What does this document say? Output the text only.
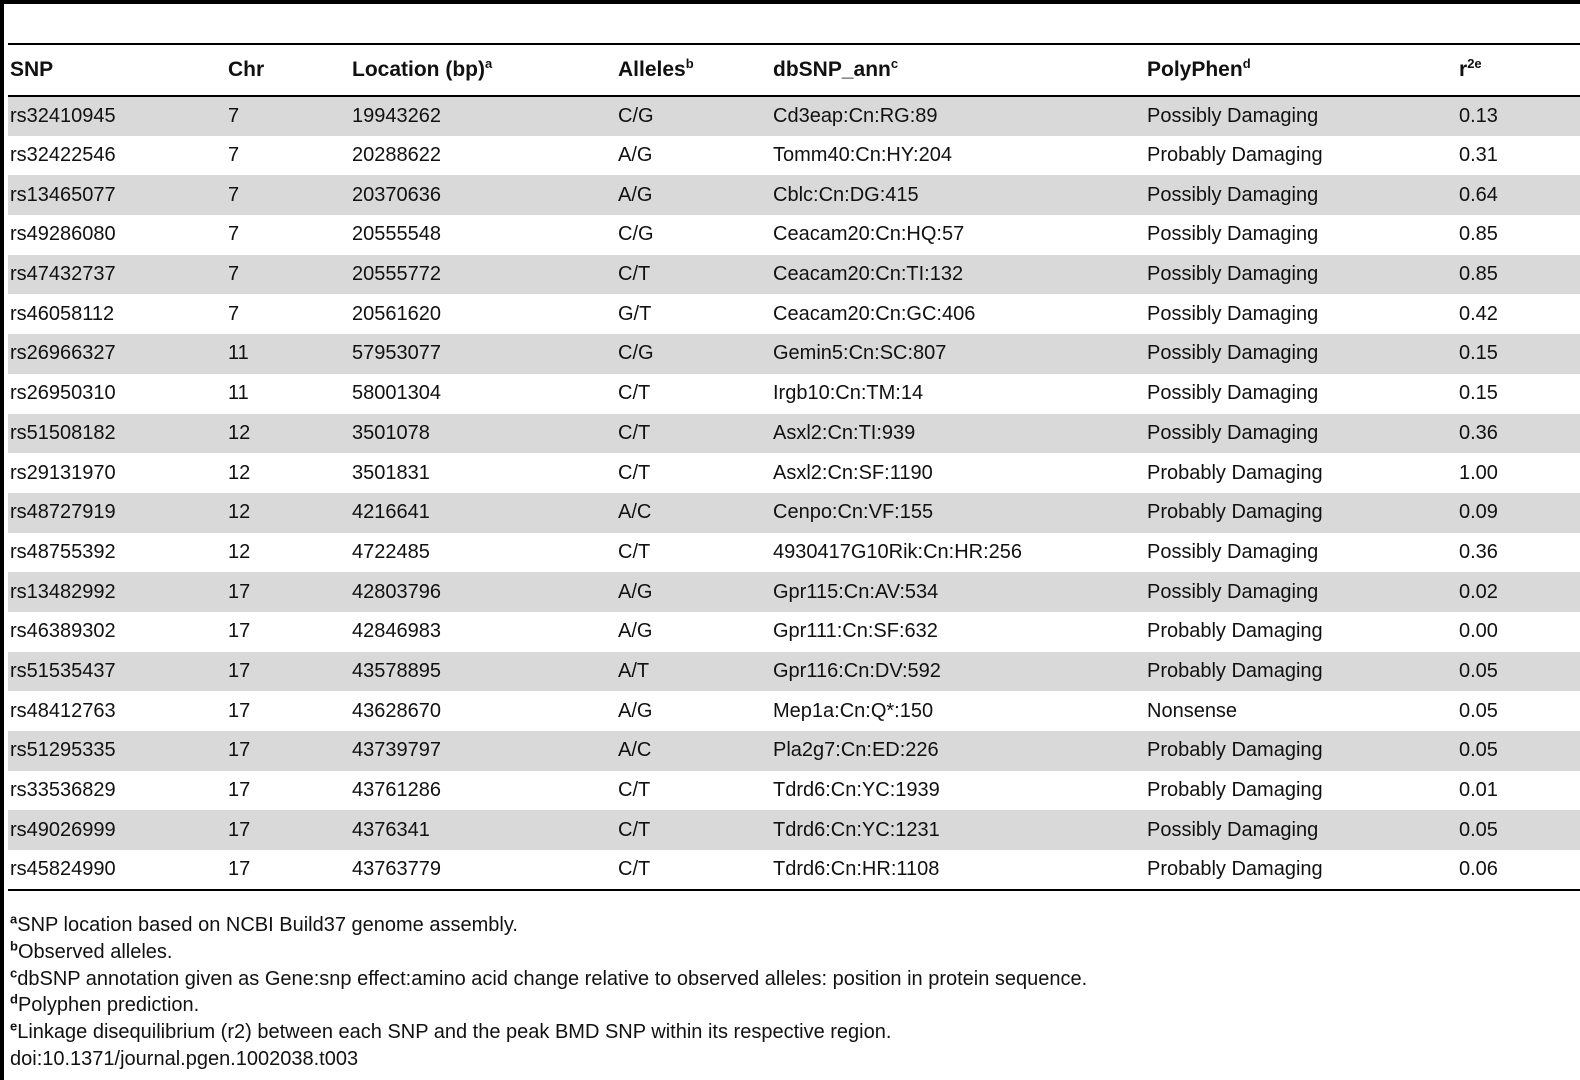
SNP	Chr	Location (bp)$^a$	Alleles$^b$	dbSNP_ann$^c$	PolyPhen$^d$	$r^{2e}$
rs32410945	7	19943262	C/G	Cd3eap:Cn:RG:89	Possibly Damaging	0.13
rs32422546	7	20288622	A/G	Tomm40:Cn:HY:204	Probably Damaging	0.31
rs13465077	7	20370636	A/G	Cblc:Cn:DG:415	Possibly Damaging	0.64
rs49286080	7	20555548	C/G	Ceacam20:Cn:HQ:57	Possibly Damaging	0.85
rs47432737	7	20555772	C/T	Ceacam20:Cn:TI:132	Possibly Damaging	0.85
rs46058112	7	20561620	G/T	Ceacam20:Cn:GC:406	Possibly Damaging	0.42
rs26966327	11	57953077	C/G	Gemin5:Cn:SC:807	Possibly Damaging	0.15
rs26950310	11	58001304	C/T	Irgb10:Cn:TM:14	Possibly Damaging	0.15
rs51508182	12	3501078	C/T	Asxl2:Cn:TI:939	Possibly Damaging	0.36
rs29131970	12	3501831	C/T	Asxl2:Cn:SF:1190	Probably Damaging	1.00
rs48727919	12	4216641	A/C	Cenpo:Cn:VF:155	Probably Damaging	0.09
rs48755392	12	4722485	C/T	4930417G10Rik:Cn:HR:256	Possibly Damaging	0.36
rs13482992	17	42803796	A/G	Gpr115:Cn:AV:534	Possibly Damaging	0.02
rs46389302	17	42846983	A/G	Gpr111:Cn:SF:632	Probably Damaging	0.00
rs51535437	17	43578895	A/T	Gpr116:Cn:DV:592	Probably Damaging	0.05
rs48412763	17	43628670	A/G	Mep1a:Cn:Q*:150	Nonsense	0.05
rs51295335	17	43739797	A/C	Pla2g7:Cn:ED:226	Probably Damaging	0.05
rs33536829	17	43761286	C/T	Tdrd6:Cn:YC:1939	Probably Damaging	0.01
rs49026999	17	4376341	C/T	Tdrd6:Cn:YC:1231	Possibly Damaging	0.05
rs45824990	17	43763779	C/T	Tdrd6:Cn:HR:1108	Probably Damaging	0.06
$^a$SNP location based on NCBI Build37 genome assembly.
$^b$Observed alleles.
$^c$dbSNP annotation given as Gene:snp effect:amino acid change relative to observed alleles: position in protein sequence.
$^d$Polyphen prediction.
$^e$Linkage disequilibrium (r2) between each SNP and the peak BMD SNP within its respective region.
doi:10.1371/journal.pgen.1002038.t003
